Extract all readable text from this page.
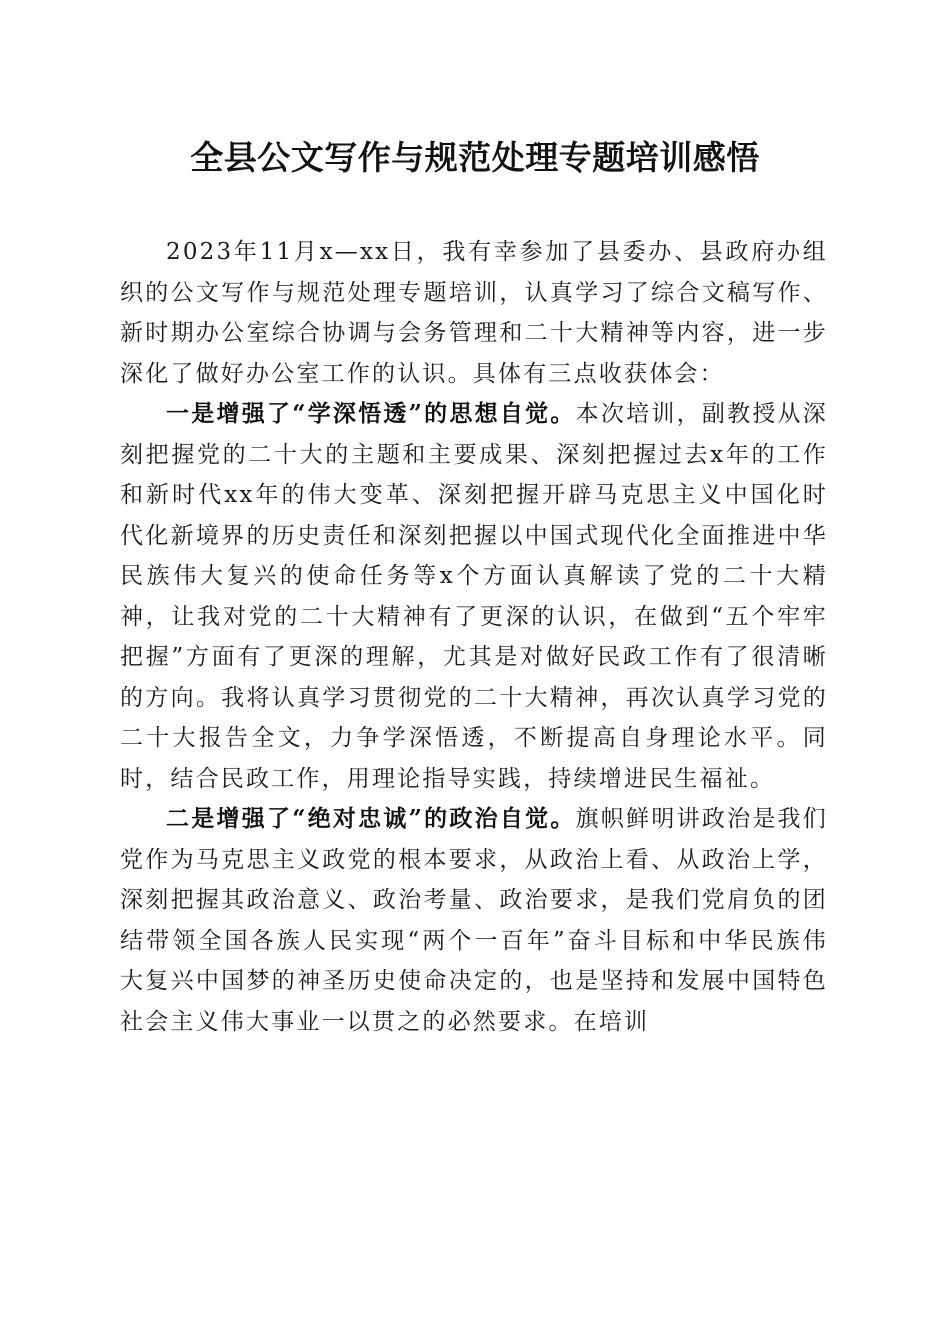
全县公文写作与规范处理专题培训感悟

2023年11月x—xx日，我有幸参加了县委办、县政府办组织的公文写作与规范处理专题培训，认真学习了综合文稿写作、新时期办公室综合协调与会务管理和二十大精神等内容，进一步深化了做好办公室工作的认识。具体有三点收获体会：

一是增强了“学深悟透”的思想自觉。本次培训，副教授从深刻把握党的二十大的主题和主要成果、深刻把握过去x年的工作和新时代xx年的伟大变革、深刻把握开辟马克思主义中国化时代化新境界的历史责任和深刻把握以中国式现代化全面推进中华民族伟大复兴的使命任务等x个方面认真解读了党的二十大精神，让我对党的二十大精神有了更深的认识，在做到“五个牢牢把握”方面有了更深的理解，尤其是对做好民政工作有了很清晰的方向。我将认真学习贯彻党的二十大精神，再次认真学习党的二十大报告全文，力争学深悟透，不断提高自身理论水平。同时，结合民政工作，用理论指导实践，持续增进民生福祉。

二是增强了“绝对忠诚”的政治自觉。旗帜鲜明讲政治是我们党作为马克思主义政党的根本要求，从政治上看、从政治上学，深刻把握其政治意义、政治考量、政治要求，是我们党肩负的团结带领全国各族人民实现“两个一百年”奋斗目标和中华民族伟大复兴中国梦的神圣历史使命决定的，也是坚持和发展中国特色社会主义伟大事业一以贯之的必然要求。在培训
